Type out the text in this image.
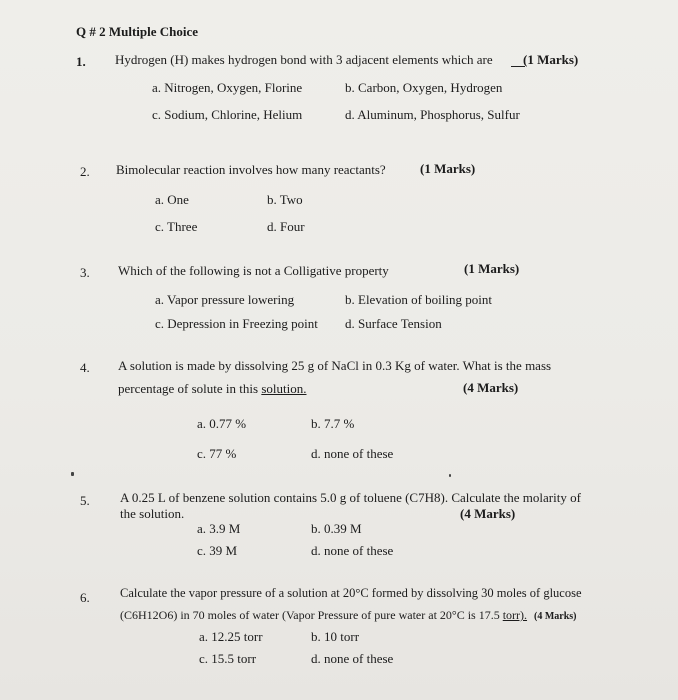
Q # 2 Multiple Choice
1. Hydrogen (H) makes hydrogen bond with 3 adjacent elements which are (1 Marks)
a. Nitrogen, Oxygen, Florine	b. Carbon, Oxygen, Hydrogen
c. Sodium, Chlorine, Helium	d. Aluminum, Phosphorus, Sulfur
2. Bimolecular reaction involves how many reactants?	(1 Marks)
a. One	b. Two
c. Three	d. Four
3. Which of the following is not a Colligative property	(1 Marks)
a. Vapor pressure lowering	b. Elevation of boiling point
c. Depression in Freezing point d. Surface Tension
4. A solution is made by dissolving 25 g of NaCl in 0.3 Kg of water. What is the mass
percentage of solute in this solution.	(4 Marks)
a. 0.77 %	b. 7.7 %
c. 77 %	d. none of these
5. A 0.25 L of benzene solution contains 5.0 g of toluene (C7H8). Calculate the molarity of
the solution.	(4 Marks)
a. 3.9 M	b. 0.39 M
c. 39 M	d. none of these
6. Calculate the vapor pressure of a solution at 20°C formed by dissolving 30 moles of glucose
(C6H12O6) in 70 moles of water (Vapor Pressure of pure water at 20°C is 17.5 torr). (4 Marks)
a. 12.25 torr	b. 10 torr
c. 15.5 torr	d. none of these
